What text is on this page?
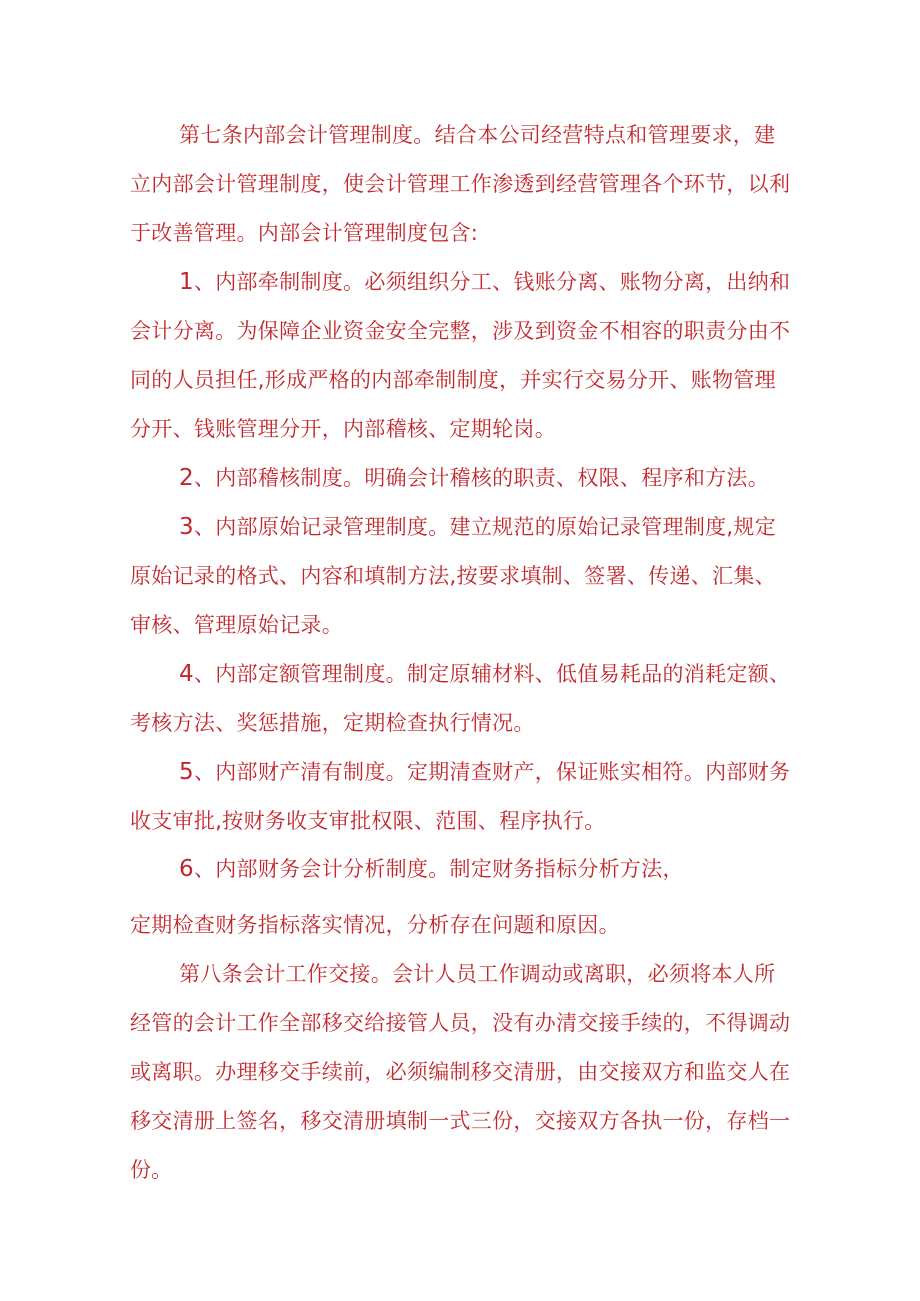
第七条内部会计管理制度。结合本公司经营特点和管理要求，建立内部会计管理制度，使会计管理工作渗透到经营管理各个环节，以利于改善管理。内部会计管理制度包含:

1、内部牵制制度。必须组织分工、钱账分离、账物分离，出纳和会计分离。为保障企业资金安全完整，涉及到资金不相容的职责分由不同的人员担任,形成严格的内部牵制制度，并实行交易分开、账物管理分开、钱账管理分开，内部稽核、定期轮岗。

2、内部稽核制度。明确会计稽核的职责、权限、程序和方法。

3、内部原始记录管理制度。建立规范的原始记录管理制度,规定原始记录的格式、内容和填制方法,按要求填制、签署、传递、汇集、审核、管理原始记录。

4、内部定额管理制度。制定原辅材料、低值易耗品的消耗定额、考核方法、奖惩措施，定期检查执行情况。

5、内部财产清有制度。定期清查财产，保证账实相符。内部财务收支审批,按财务收支审批权限、范围、程序执行。

6、内部财务会计分析制度。制定财务指标分析方法，

定期检查财务指标落实情况，分析存在问题和原因。

第八条会计工作交接。会计人员工作调动或离职，必须将本人所经管的会计工作全部移交给接管人员，没有办清交接手续的，不得调动或离职。办理移交手续前，必须编制移交清册，由交接双方和监交人在移交清册上签名，移交清册填制一式三份，交接双方各执一份，存档一份。
